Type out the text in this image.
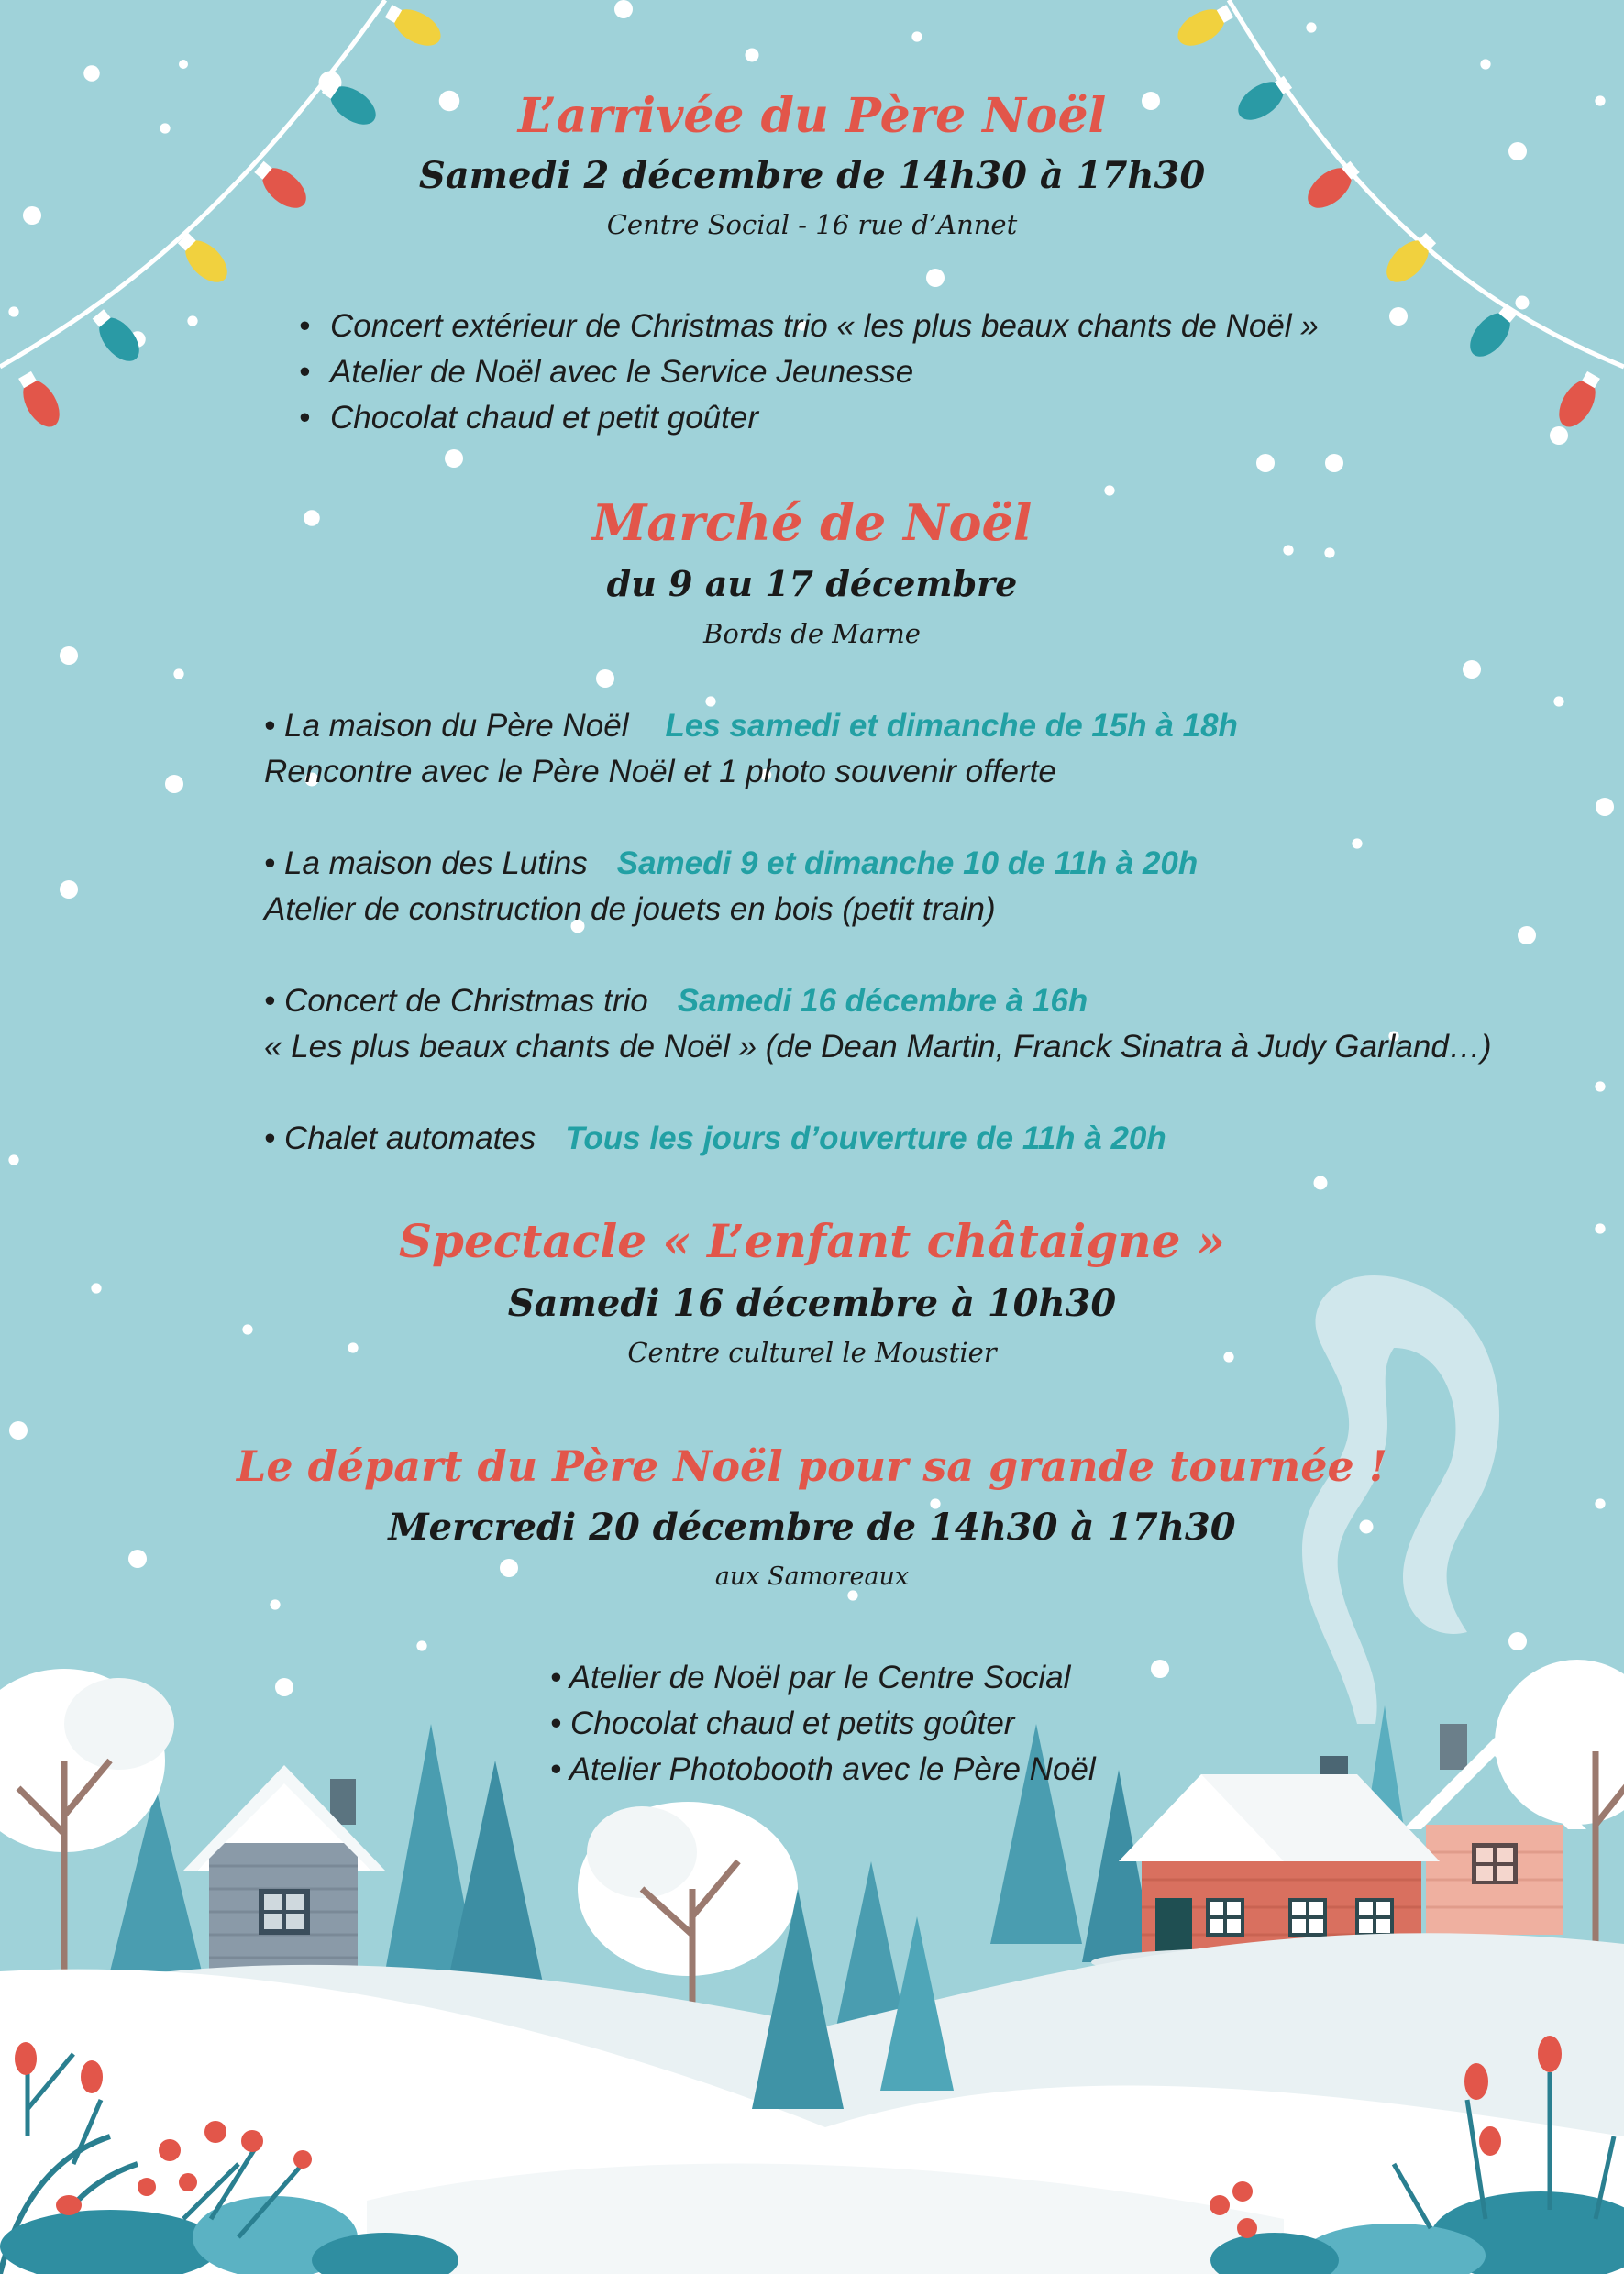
L’arrivée du Père Noël
Samedi 2 décembre de 14h30 à 17h30
Centre Social - 16 rue d’Annet
• Concert extérieur de Christmas trio « les plus beaux chants de Noël »
• Atelier de Noël avec le Service Jeunesse
• Chocolat chaud et petit goûter
Marché de Noël
du 9 au 17 décembre
Bords de Marne
• La maison du Père Noël Les samedi et dimanche de 15h à 18h
Rencontre avec le Père Noël et 1 photo souvenir offerte
• La maison des Lutins Samedi 9 et dimanche 10 de 11h à 20h
Atelier de construction de jouets en bois (petit train)
• Concert de Christmas trio Samedi 16 décembre à 16h
« Les plus beaux chants de Noël » (de Dean Martin, Franck Sinatra à Judy Garland…)
• Chalet automates Tous les jours d’ouverture de 11h à 20h
Spectacle « L’enfant châtaigne »
Samedi 16 décembre à 10h30
Centre culturel le Moustier
Le départ du Père Noël pour sa grande tournée !
Mercredi 20 décembre de 14h30 à 17h30
aux Samoreaux
• Atelier de Noël par le Centre Social
• Chocolat chaud et petits goûter
• Atelier Photobooth avec le Père Noël
